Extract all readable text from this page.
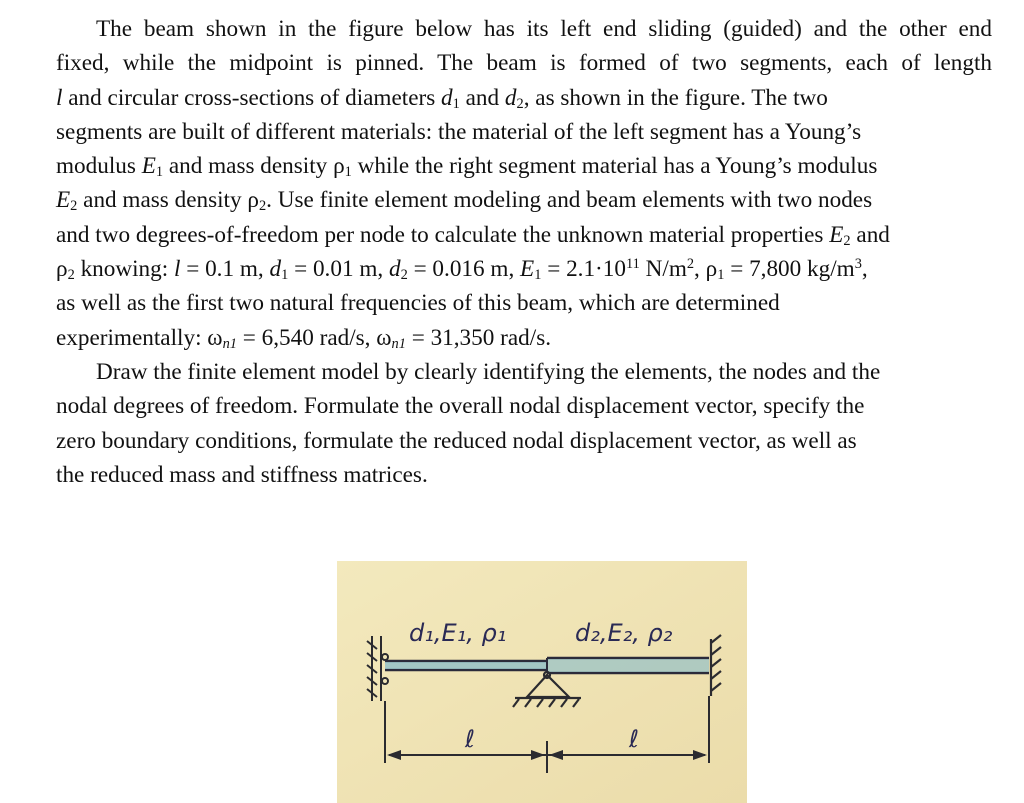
The beam shown in the figure below has its left end sliding (guided) and the other end
fixed, while the midpoint is pinned. The beam is formed of two segments, each of length
l and circular cross-sections of diameters $d_1$ and $d_2$, as shown in the figure. The two
segments are built of different materials: the material of the left segment has a Young’s
modulus $E_1$ and mass density $\rho_1$ while the right segment material has a Young’s modulus
$E_2$ and mass density $\rho_2$. Use finite element modeling and beam elements with two nodes
and two degrees-of-freedom per node to calculate the unknown material properties $E_2$ and
$\rho_2$ knowing: l = 0.1 m, $d_1 = 0.01$ m, $d_2 = 0.016$ m, $E_1 = 2.1\cdot 10^{11}$ $N/m^2$, $\rho_1 = 7,800$ $kg/m^3$,
as well as the first two natural frequencies of this beam, which are determined
experimentally: $\omega_{n1} = 6,540$ rad/s, $\omega_{n1} = 31,350$ rad/s.
Draw the finite element model by clearly identifying the elements, the nodes and the
nodal degrees of freedom. Formulate the overall nodal displacement vector, specify the
zero boundary conditions, formulate the reduced nodal displacement vector, as well as
the reduced mass and stiffness matrices.
d₁,E₁, ρ₁	d₂,E₂, ρ₂
ℓ	ℓ
